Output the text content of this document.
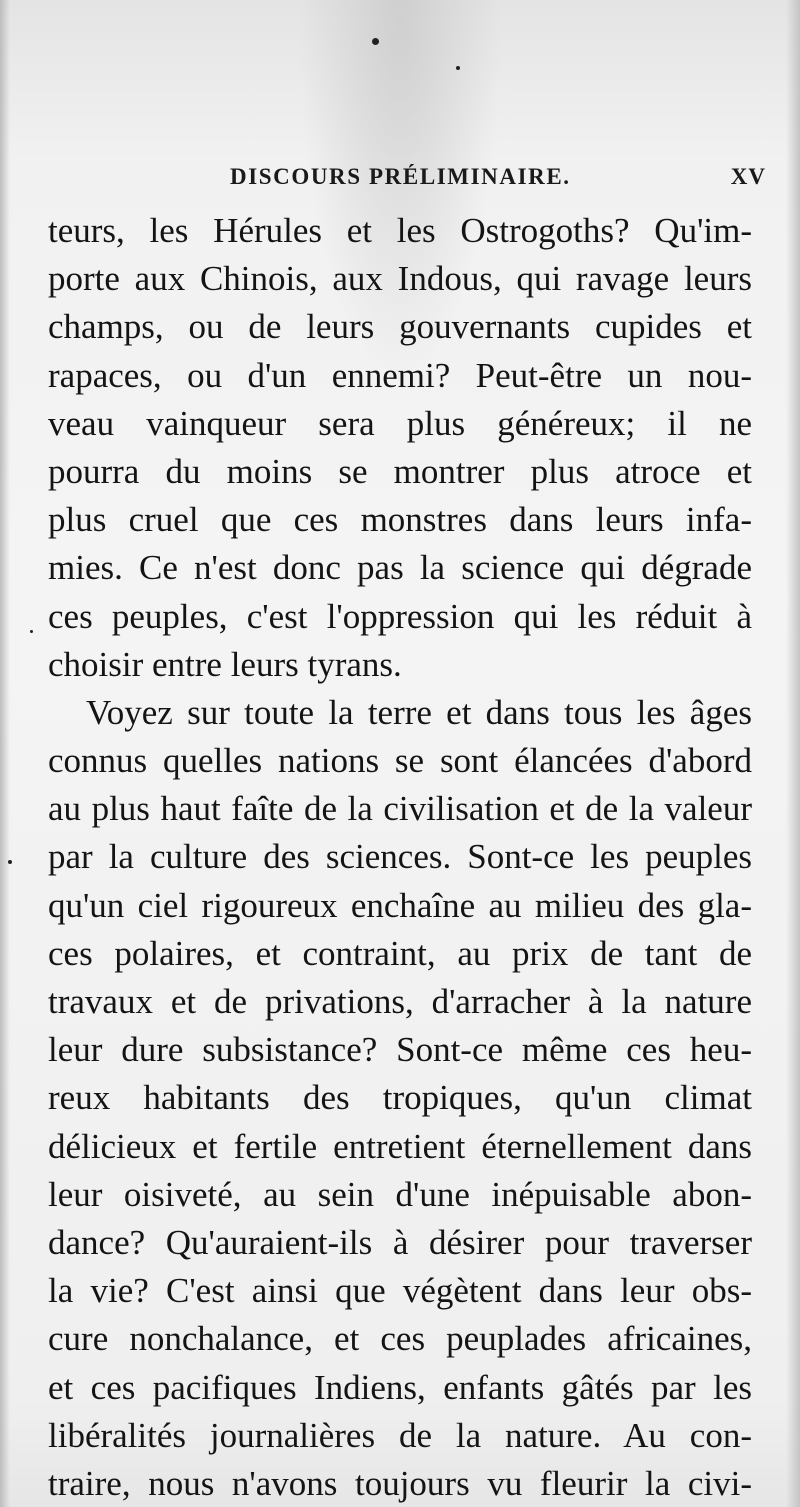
DISCOURS PRÉLIMINAIRE.	XV
teurs, les Hérules et les Ostrogoths? Qu'im-
porte aux Chinois, aux Indous, qui ravage leurs
champs, ou de leurs gouvernants cupides et
rapaces, ou d'un ennemi? Peut-être un nou-
veau vainqueur sera plus généreux; il ne
pourra du moins se montrer plus atroce et
plus cruel que ces monstres dans leurs infa-
mies. Ce n'est donc pas la science qui dégrade
ces peuples, c'est l'oppression qui les réduit à
choisir entre leurs tyrans.
Voyez sur toute la terre et dans tous les âges
connus quelles nations se sont élancées d'abord
au plus haut faîte de la civilisation et de la valeur
par la culture des sciences. Sont-ce les peuples
qu'un ciel rigoureux enchaîne au milieu des gla-
ces polaires, et contraint, au prix de tant de
travaux et de privations, d'arracher à la nature
leur dure subsistance? Sont-ce même ces heu-
reux habitants des tropiques, qu'un climat
délicieux et fertile entretient éternellement dans
leur oisiveté, au sein d'une inépuisable abon-
dance? Qu'auraient-ils à désirer pour traverser
la vie? C'est ainsi que végètent dans leur obs-
cure nonchalance, et ces peuplades africaines,
et ces pacifiques Indiens, enfants gâtés par les
libéralités journalières de la nature. Au con-
traire, nous n'avons toujours vu fleurir la civi-
